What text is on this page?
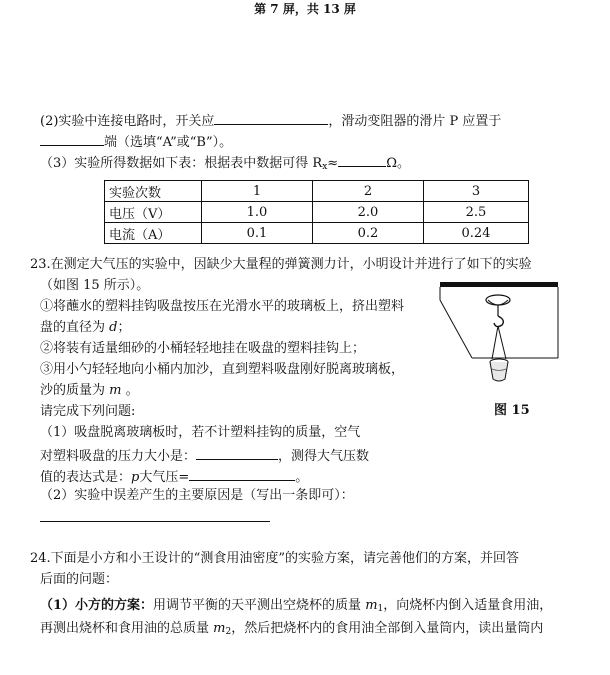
第 7 屏，共 13 屏
(2)实验中连接电路时，开关应	，滑动变阻器的滑片 P 应置于
端（选填“A”或“B”）。
（3）实验所得数据如下表：根据表中数据可得 $R_x\approx$	Ω。
实验次数	1	2	3
电压（V）	1.0	2.0	2.5
电流（A）	0.1	0.2	0.24
23.在测定大气压的实验中，因缺少大量程的弹簧测力计，小明设计并进行了如下的实验
（如图 15 所示）。
①将蘸水的塑料挂钩吸盘按压在光滑水平的玻璃板上，挤出塑料
盘的直径为 d；
②将装有适量细砂的小桶轻轻地挂在吸盘的塑料挂钩上；
③用小勺轻轻地向小桶内加沙，直到塑料吸盘刚好脱离玻璃板，
沙的质量为 m 。
请完成下列问题:
（1）吸盘脱离玻璃板时，若不计塑料挂钩的质量，空气
对塑料吸盘的压力大小是：	，测得大气压数
值的表达式是：p大气压=	。
（2）实验中误差产生的主要原因是（写出一条即可）：
图 15
24.下面是小方和小王设计的“测食用油密度”的实验方案，请完善他们的方案，并回答
后面的问题：
（1）小方的方案：用调节平衡的天平测出空烧杯的质量 $m_1$，向烧杯内倒入适量食用油，
再测出烧杯和食用油的总质量 $m_2$，然后把烧杯内的食用油全部倒入量筒内，读出量筒内
